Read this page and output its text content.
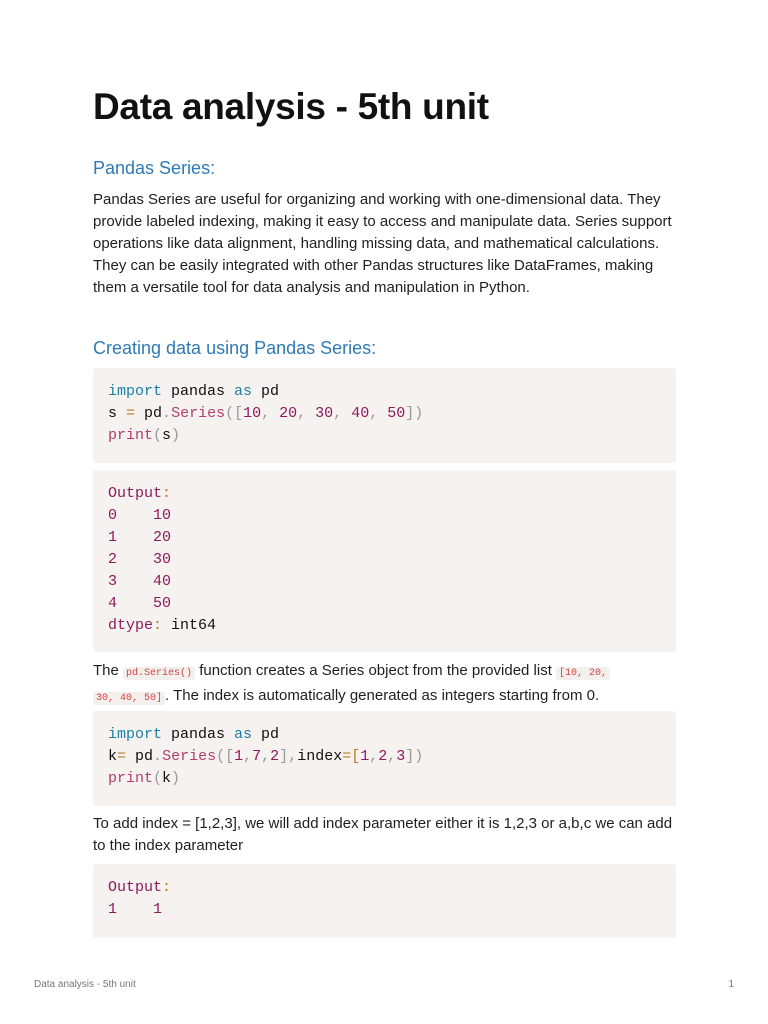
Data analysis - 5th unit
Pandas Series:

Pandas Series are useful for organizing and working with one-dimensional data. They provide labeled indexing, making it easy to access and manipulate data. Series support operations like data alignment, handling missing data, and mathematical calculations. They can be easily integrated with other Pandas structures like DataFrames, making them a versatile tool for data analysis and manipulation in Python.

Creating data using Pandas Series:
import pandas as pd
s = pd.Series([10, 20, 30, 40, 50])
print(s)
Output:
0 10
1 20
2 30
3 40
4 50
dtype: int64

The pd.Series() function creates a Series object from the provided list [10, 20,
30, 40, 50] . The index is automatically generated as integers starting from 0.

import pandas as pd
k= pd.Series([1,7,2],index=[1,2,3])
print(k)

To add index = [1,2,3], we will add index parameter either it is 1,2,3 or a,b,c we can add to the index parameter

Output:
1 1
Data analysis - 5th unit	1
